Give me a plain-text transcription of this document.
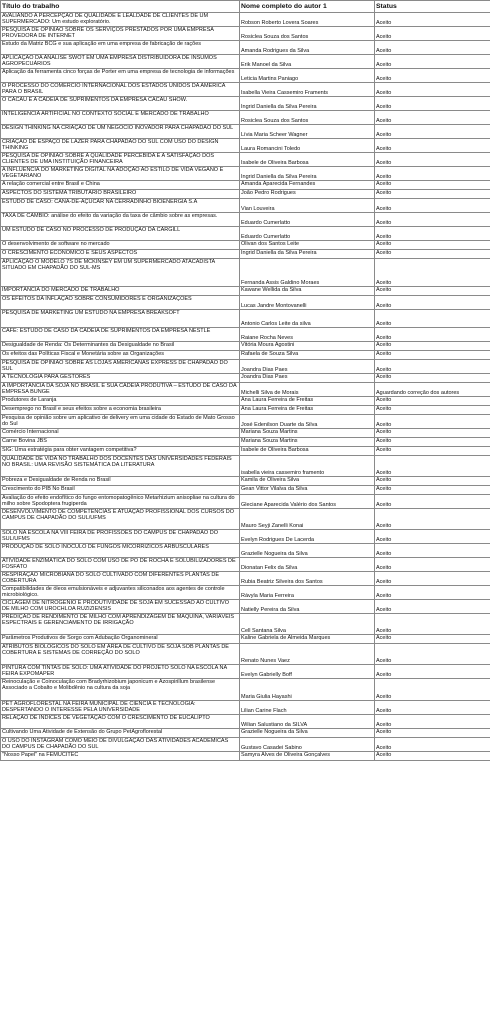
Título do trabalho	Nome completo do autor 1	Status
AVALIANDO A PERCEPÇÃO DE QUALIDADE E LEALDADE DE CLIENTES DE UM SUPERMERCADO: Um estudo exploratório.	Robson Roberto Lovera Soares	Aceito
PESQUISA DE OPINIÃO SOBRE OS SERVIÇOS PRESTADOS POR UMA EMPRESA PROVEDORA DE INTERNET	Rosiclea Souza dos Santos	Aceito
Estudo da Matriz BCG e sua aplicação em uma empresa de fabricação de rações	Amanda Rodrigues da Silva	Aceito
APLICAÇÃO DA ANÁLISE SWOT EM UMA EMPRESA DISTRIBUIDORA DE INSUMOS AGROPECUÁRIOS	Erik Manoel da Silva	Aceito
Aplicação da ferramenta cinco forças de Porter em uma empresa de tecnologia de informações	Leticia Martins Paniago	Aceito
O PROCESSO DO COMÉRCIO INTERNACIONAL DOS ESTADOS UNIDOS DA AMÉRICA PARA O BRASIL	Isabella Vieira Cassemiro Framents	Aceito
O CACAU E A CADEIA DE SUPRIMENTOS DA EMPRESA CACAU SHOW.	Ingrid Daniella da Silva Pereira	Aceito
INTELIGÊNCIA ARTIFICIAL NO CONTEXTO SOCIAL E MERCADO DE TRABALHO	Rosiclea Souza dos Santos	Aceito
DESIGN THINKING NA CRIAÇÃO DE UM NEGÓCIO INOVADOR PARA CHAPADÃO DO SUL	Lívia Maria Scheer Wagner	Aceito
CRIAÇÃO DE ESPAÇO DE LAZER PARA CHAPADÃO DO SUL COM USO DO DESIGN THINKING	Laura Romancini Toledo	Aceito
PESQUISA DE OPINIÃO SOBRE A QUALIDADE PERCEBIDA E A SATISFAÇÃO DOS CLIENTES DE UMA INSTITUIÇÃO FINANCEIRA	Isabele de Oliveira Barbosa	Aceito
A INFLUÊNCIA DO MARKETING DIGITAL NA ADOÇÃO AO ESTILO DE VIDA VEGANO E VEGETARIANO	Ingrid Daniella da Silva Pereira	Aceito
A relação comercial entre Brasil e China	Amanda Aparecida Fernandes	Aceito
ASPECTOS DO SISTEMA TRIBUTÁRIO BRASILEIRO	João Pedro Rodrigues	Aceito
ESTUDO DE CASO: CANA-DE-AÇÚCAR NA CERRADINHO BIOENERGIA S.A	Vian Louveira	Aceito
TAXA DE CÂMBIO: análise do efeito da variação da taxa de câmbio sobre as empresas.	Eduardo Cumerlatto	Aceito
UM ESTUDO DE CASO NO PROCESSO DE PRODUÇÃO DA CARGILL	Eduardo Cumerlatto	Aceito
O desenvolvimento de software no mercado	Olivan dos Santos Leite	Aceito
O CRESCIMENTO ECONÔMICO E SEUS ASPECTOS	Ingrid Daniella da Silva Pereira	Aceito
APLICAÇÃO O MODELO 7S DE MCKINSEY EM UM SUPERMERCADO ATACADISTA SITUADO EM CHAPADÃO DO SUL-MS	Fernanda Assis Galdino Moraes	Aceito
IMPORTÂNCIA DO MERCADO DE TRABALHO	Kawane Wellida da Silva	Aceito
OS EFEITOS DA INFLAÇÃO SOBRE CONSUMIDORES E ORGANIZAÇÕES	Lucas Jandre Montovanelli	Aceito
PESQUISA DE MARKETING UM ESTUDO NA EMPRESA BREAKSOFT	Antonio Carlos Leite da silva	Aceito
CAFÉ: ESTUDO DE CASO DA CADEIA DE SUPRIMENTOS DA EMPRESA NESTLÉ	Raiane Rocha Neves	Aceito
Desigualdade de Renda: Os Determinantes da Desigualdade no Brasil	Vitória Moura Agostini	Aceito
Os efeitos das Políticas Fiscal e Monetária sobre as Organizações	Rafaela de Souza Silva	Aceito
PESQUISA DE OPINIÃO SOBRE AS LOJAS AMERICANAS EXPRESS DE CHAPADÃO DO SUL	Joandra Dias Paes	Aceito
A TECNOLOGIA PARA GESTORES	Joandra Dias Paes	Aceito
A IMPORTÂNCIA DA SOJA NO BRASIL E SUA CADEIA PRODUTIVA – ESTUDO DE CASO DA EMPRESA BUNGE	Michelli Silva de Morais	Aguardando correção dos autores
Produtores de Laranja	Ana Laura Ferreira de Freitas	Aceito
Desemprego no Brasil e seus efeitos sobre a economia brasileira	Ana Laura Ferreira de Freitas	Aceito
Pesquisa de opinião sobre um aplicativo de delivery em uma cidade do Estado de Mato Grosso do Sul	José Edenilson Duarte da Silva	Aceito
Comércio Internacional	Mariana Souza Martins	Aceito
Carne Bovina JBS	Mariana Souza Martins	Aceito
SIG: Uma estratégia para obter vantagem competitiva?	Isabele de Oliveira Barbosa	Aceito
QUALIDADE DE VIDA NO TRABALHO DOS DOCENTES DAS UNIVERSIDADES FEDERAIS NO BRASIL: UMA REVISÃO SISTEMÁTICA DA LITERATURA	isabella vieira cassemiro framento	Aceito
Pobreza e Desigualdade de Renda no Brasil	Kamila de Oliveira Silva	Aceito
Crescimento do PIB No Brasil	Gean Vittor Vilalva da Silva	Aceito
Avaliação do efeito endofítico do fungo entomopatogênico Metarhizium anisopliae na cultura do milho sobre Spodoptera frugiperda	Gleciane Aparecida Valério dos Santos	Aceito
DESENVOLVIMENTO DE COMPETÊNCIAS E ATUAÇÃO PROFISSIONAL DOS CURSOS DO CAMPUS DE CHAPADÃO DO SUL/UFMS	Mauro Seyji Zanelli Konai	Aceito
SOLO NA ESCOLA NA VIII FEIRA DE PROFISSÕES DO CAMPUS DE CHAPADÃO DO SUL/UFMS	Evelyn Rodrigues De Lacerda	Aceito
PRODUÇÃO DE SOLO INOCULO DE FUNGOS MICORRÍZICOS ARBUSCULARES	Grazielle Nogueira da Silva	Aceito
ATIVIDADE ENZIMÁTICA DO SOLO COM USO DE PÓ DE ROCHA E SOLUBILIZADORES DE FOSFATO	Dionatan Felix da Silva	Aceito
RESPIRAÇÃO MICROBIANA DO SOLO CULTIVADO COM DIFERENTES PLANTAS DE COBERTURA	Rubia Beatriz Silveira dos Santos	Aceito
Compatibilidades de óleos emulsionáveis e adjuvantes siliconados aos agentes de controle microbiológico.	Rávyla Maria Ferreira	Aceito
CICLAGEM DE NITROGÊNIO E PRODUTIVIDADE DE SOJA EM SUCESSÃO AO CULTIVO DE MILHO COM UROCHLOA RUZIZIENSIS	Natielly Pereira da Silva	Aceito
PREDIÇÃO DE RENDIMENTO DE MILHO COM APRENDIZAGEM DE MÁQUINA, VARIÁVEIS ESPECTRAIS E GERENCIAMENTO DE IRRIGAÇÃO	Cell Santana Silva	Aceito
Parâmetros Produtivos de Sorgo com Adubação Organomineral	Kaline Gabriela de Almeida Marques	Aceito
ATRIBUTOS BIOLÓGICOS DO SOLO EM ÁREA DE CULTIVO DE SOJA SOB PLANTAS DE COBERTURA E SISTEMAS DE CORREÇÃO DO SOLO	Renato Nunes Vaez	Aceito
PINTURA COM TINTAS DE SOLO: UMA ATIVIDADE DO PROJETO SOLO NA ESCOLA NA FEIRA EXPOMAPER	Evelyn Gabrielly Boff	Aceito
Reinoculação e Coinoculação com Bradyrhizobium japonicum e Azospirillum brasilense Associado a Cobalto e Molibdênio na cultura da soja	Maria Giulia Hayashi	Aceito
PET AGROFLORESTAL NA FEIRA MUNICIPAL DE CIÊNCIA E TECNOLOGIA: DESPERTANDO O INTERESSE PELA UNIVERSIDADE	Lilian Carine Flach	Aceito
RELAÇÃO DE ÍNDICES DE VEGETAÇÃO COM O CRESCIMENTO DE EUCALIPTO	Wilian Salustiano da SILVA	Aceito
Cultivando Uma Atividade de Extensão do Grupo PetAgroflorestal	Grazielle Nogueira da Silva	Aceito
O USO DO INSTAGRAM COMO MEIO DE DIVULGAÇÃO DAS ATIVIDADES ACADÊMICAS DO CAMPUS DE CHAPADÃO DO SUL	Gustavo Casadei Sabino	Aceito
"Nosso Papel" na FEMUCITEC	Samyra Alves de Oliveira Gonçalves	Aceito
